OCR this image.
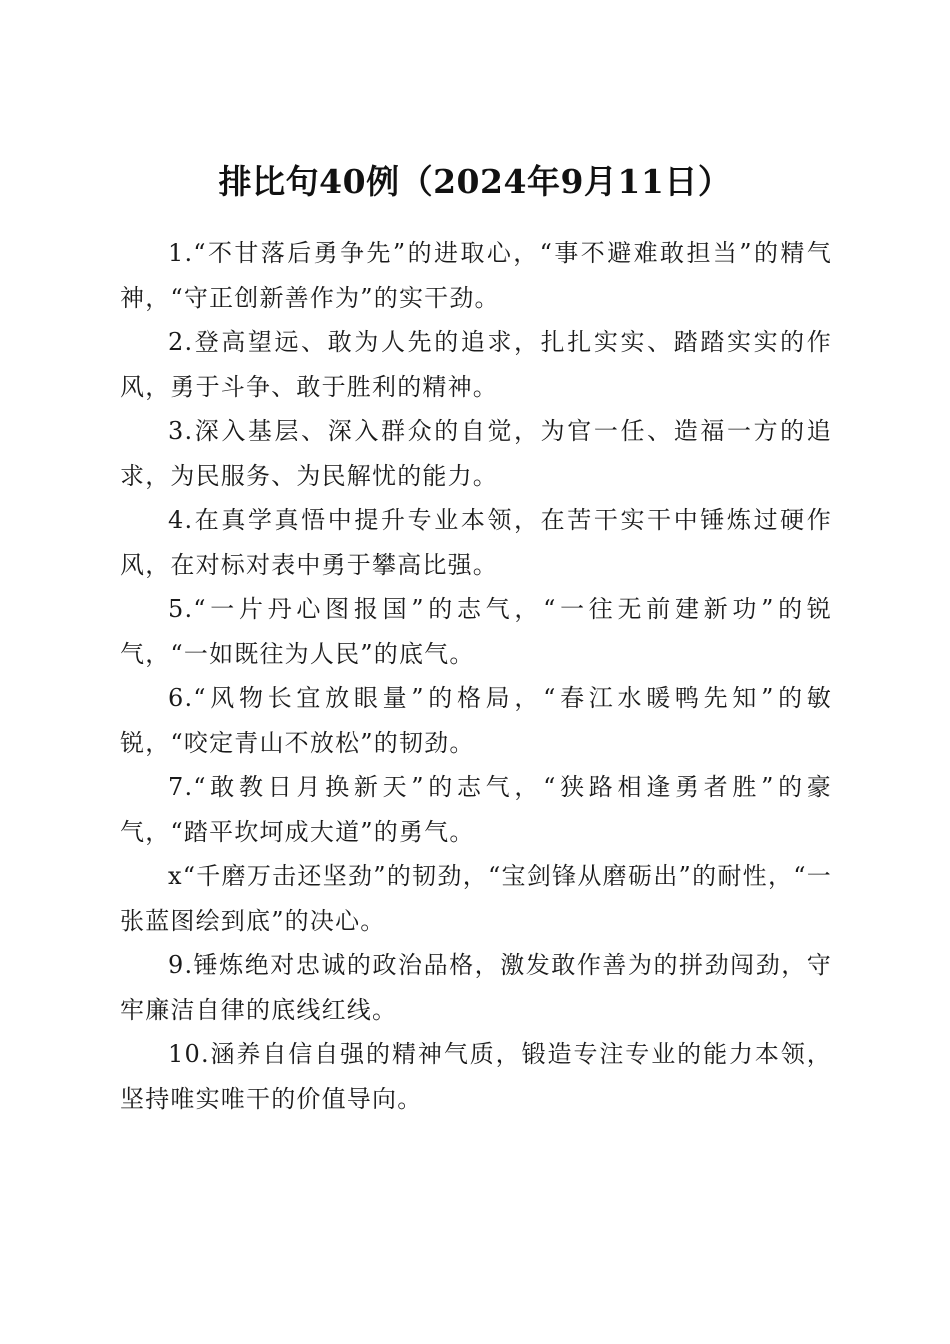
排比句40例（2024年9月11日）

1.“不甘落后勇争先”的进取心，“事不避难敢担当”的精气神，“守正创新善作为”的实干劲。

2.登高望远、敢为人先的追求，扎扎实实、踏踏实实的作风，勇于斗争、敢于胜利的精神。

3.深入基层、深入群众的自觉，为官一任、造福一方的追求，为民服务、为民解忧的能力。

4.在真学真悟中提升专业本领，在苦干实干中锤炼过硬作风，在对标对表中勇于攀高比强。

5.“一片丹心图报国”的志气，“一往无前建新功”的锐气，“一如既往为人民”的底气。

6.“风物长宜放眼量”的格局，“春江水暖鸭先知”的敏锐，“咬定青山不放松”的韧劲。

7.“敢教日月换新天”的志气，“狭路相逢勇者胜”的豪气，“踏平坎坷成大道”的勇气。

x“千磨万击还坚劲”的韧劲，“宝剑锋从磨砺出”的耐性，“一张蓝图绘到底”的决心。

9.锤炼绝对忠诚的政治品格，激发敢作善为的拼劲闯劲，守牢廉洁自律的底线红线。

10.涵养自信自强的精神气质，锻造专注专业的能力本领，坚持唯实唯干的价值导向。
